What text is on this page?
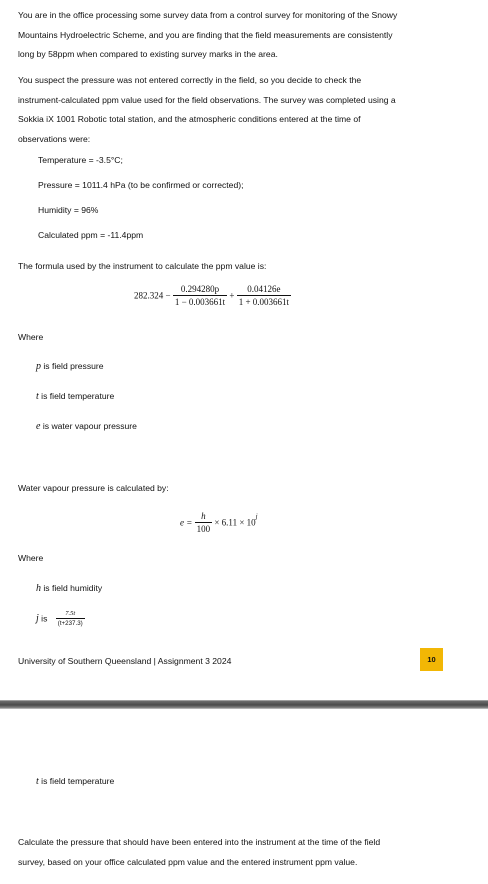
You are in the office processing some survey data from a control survey for monitoring of the Snowy
Mountains Hydroelectric Scheme, and you are finding that the field measurements are consistently
long by 58ppm when compared to existing survey marks in the area.
You suspect the pressure was not entered correctly in the field, so you decide to check the
instrument-calculated ppm value used for the field observations. The survey was completed using a
Sokkia iX 1001 Robotic total station, and the atmospheric conditions entered at the time of
observations were:
Temperature = -3.5°C;
Pressure = 1011.4 hPa (to be confirmed or corrected);
Humidity = 96%
Calculated ppm = -11.4ppm
The formula used by the instrument to calculate the ppm value is:
$282.324 - \frac{0.294280p}{1 - 0.003661t} + \frac{0.04126e}{1 + 0.003661t}$
Where
p is field pressure
t is field temperature
e is water vapour pressure
Water vapour pressure is calculated by:
$e = \frac{h}{100} \times 6.11 \times 10^j$
Where
h is field humidity
j is $\frac{7.5t}{(t+237.3)}$
University of Southern Queensland | Assignment 3 2024	10
t is field temperature
Calculate the pressure that should have been entered into the instrument at the time of the field
survey, based on your office calculated ppm value and the entered instrument ppm value.
